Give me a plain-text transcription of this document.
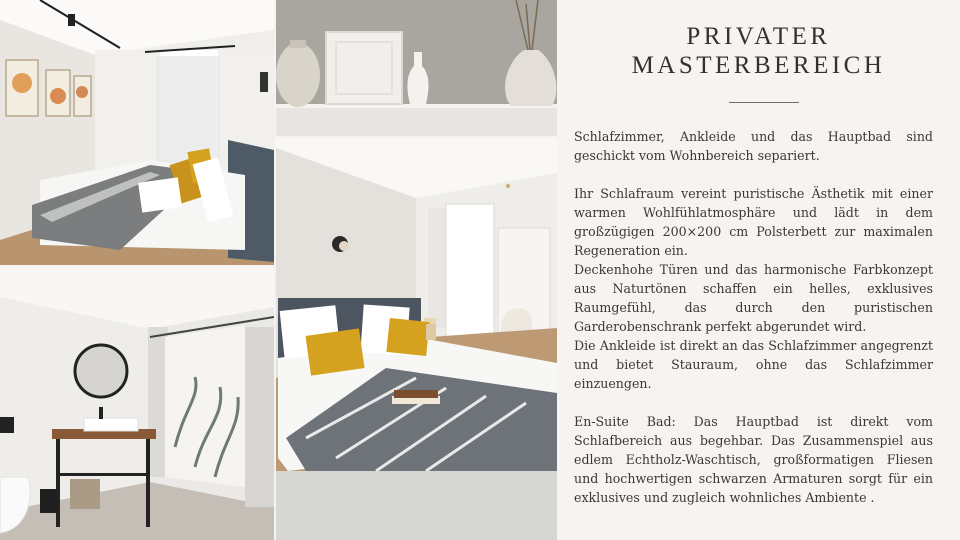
PRIVATER
MASTERBEREICH

Schlafzimmer, Ankleide und das Hauptbad sind geschickt vom Wohnbereich separiert.

Ihr Schlafraum vereint puristische Ästhetik mit einer warmen Wohlfühlatmosphäre und lädt in dem großzügigen 200×200 cm Polsterbett zur maximalen Regeneration ein.

Deckenhohe Türen und das harmonische Farbkonzept aus Naturtönen schaffen ein helles, exklusives Raumgefühl, das durch den puristischen Garderobenschrank perfekt abgerundet wird.

Die Ankleide ist direkt an das Schlafzimmer angegrenzt und bietet Stauraum, ohne das Schlafzimmer einzuengen.

En-Suite Bad: Das Hauptbad ist direkt vom Schlafbereich aus begehbar. Das Zusammenspiel aus edlem Echtholz-Waschtisch, großformatigen Fliesen und hochwertigen schwarzen Armaturen sorgt für ein exklusives und zugleich wohnliches Ambiente .
